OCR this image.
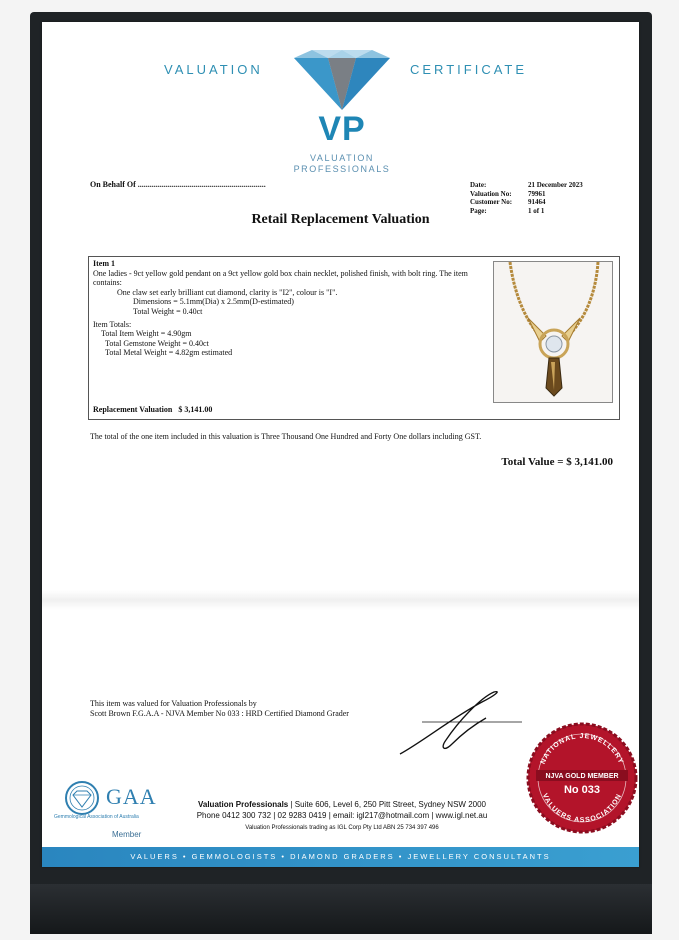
VALUATION	CERTIFICATE
VP
VALUATION
PROFESSIONALS
On Behalf Of ................................................................	Date:	21 December 2023
Valuation No: 79961
Customer No: 91464
Page:	1 of 1
Retail Replacement Valuation
Item 1
One ladies - 9ct yellow gold pendant on a 9ct yellow gold box chain necklet, polished finish, with bolt ring. The item contains:
One claw set early brilliant cut diamond, clarity is "I2", colour is "I".
Dimensions = 5.1mm(Dia) x 2.5mm(D-estimated)
Total Weight = 0.40ct
Item Totals:
Total Item Weight = 4.90gm
Total Gemstone Weight = 0.40ct
Total Metal Weight = 4.82gm estimated
Replacement Valuation $ 3,141.00
The total of the one item included in this valuation is Three Thousand One Hundred and Forty One dollars including GST.
Total Value = $ 3,141.00
This item was valued for Valuation Professionals by
Scott Brown F.G.A.A - NJVA Member No 033 : HRD Certified Diamond Grader
GAA
Gemmological Association of Australia
Member
Valuation Professionals | Suite 606, Level 6, 250 Pitt Street, Sydney NSW 2000
Phone 0412 300 732 | 02 9283 0419 | email: igl217@hotmail.com | www.igl.net.au
Valuation Professionals trading as IGL Corp Pty Ltd ABN 25 734 397 496
NATIONAL JEWELLERY
NJVA GOLD MEMBER
No 033
VALUERS ASSOCIATION
VALUERS • GEMMOLOGISTS • DIAMOND GRADERS • JEWELLERY CONSULTANTS
